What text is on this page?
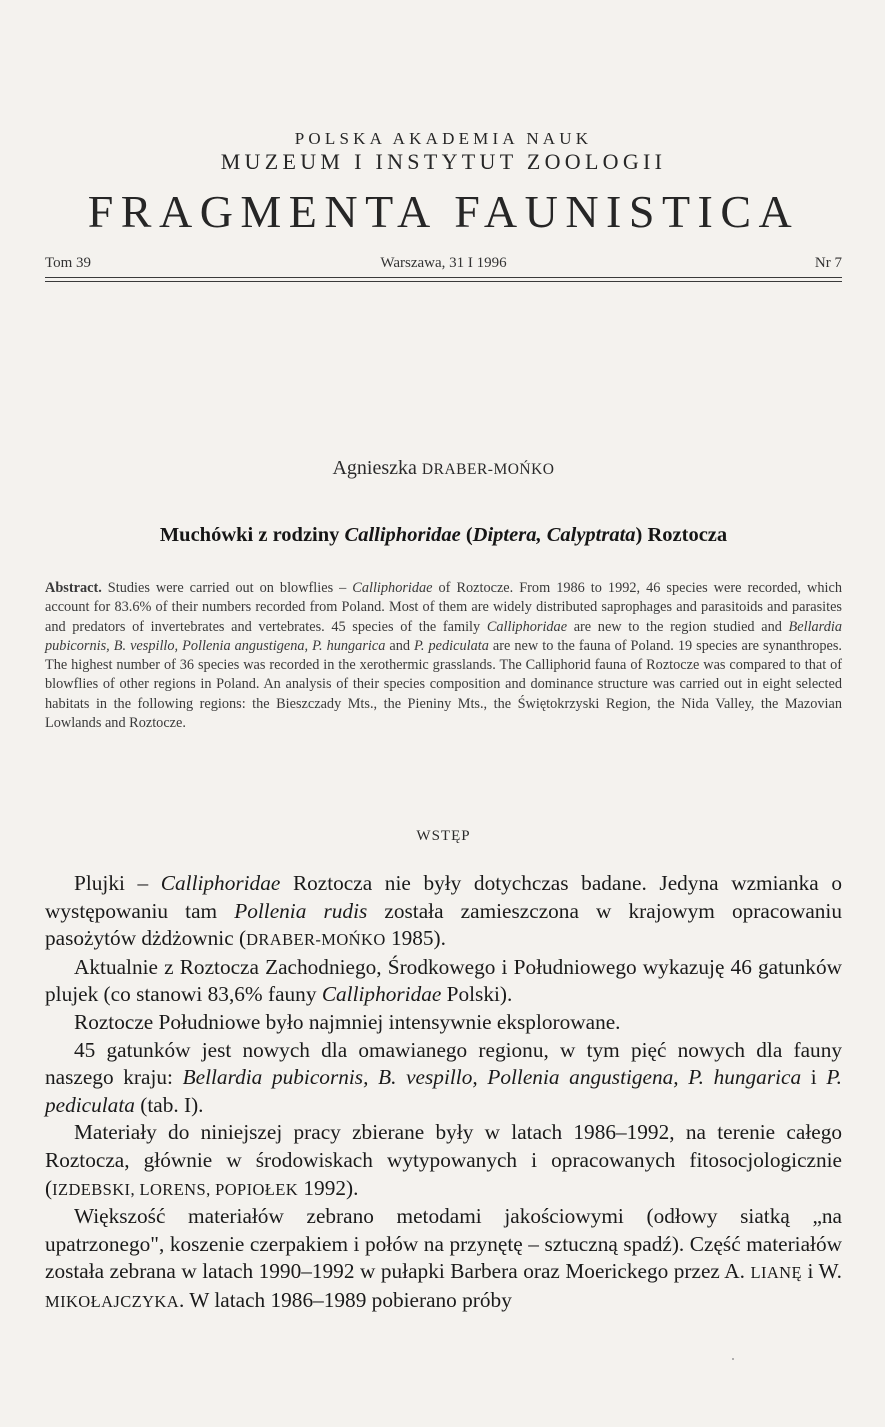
POLSKA AKADEMIA NAUK
MUZEUM I INSTYTUT ZOOLOGII
FRAGMENTA FAUNISTICA
Tom 39	Warszawa, 31 I 1996	Nr 7
Agnieszka DRABER-MOŃKO
Muchówki z rodziny Calliphoridae (Diptera, Calyptrata) Roztocza
Abstract. Studies were carried out on blowflies – Calliphoridae of Roztocze. From 1986 to 1992, 46 species were recorded, which account for 83.6% of their numbers recorded from Poland. Most of them are widely distributed saprophages and parasitoids and parasites and predators of invertebrates and vertebrates. 45 species of the family Calliphoridae are new to the region studied and Bellardia pubicornis, B. vespillo, Pollenia angustigena, P. hungarica and P. pediculata are new to the fauna of Poland. 19 species are synanthropes. The highest number of 36 species was recorded in the xerothermic grasslands. The Calliphorid fauna of Roztocze was compared to that of blowflies of other regions in Poland. An analysis of their species composition and dominance structure was carried out in eight selected habitats in the following regions: the Bieszczady Mts., the Pieniny Mts., the Świętokrzyski Region, the Nida Valley, the Mazovian Lowlands and Roztocze.
WSTĘP

Plujki – Calliphoridae Roztocza nie były dotychczas badane. Jedyna wzmianka o występowaniu tam Pollenia rudis została zamieszczona w krajowym opracowaniu pasożytów dżdżownic (DRABER-MOŃKO 1985).

Aktualnie z Roztocza Zachodniego, Środkowego i Południowego wykazuję 46 gatunków plujek (co stanowi 83,6% fauny Calliphoridae Polski).

Roztocze Południowe było najmniej intensywnie eksplorowane.

45 gatunków jest nowych dla omawianego regionu, w tym pięć nowych dla fauny naszego kraju: Bellardia pubicornis, B. vespillo, Pollenia angustigena, P. hungarica i P. pediculata (tab. I).

Materiały do niniejszej pracy zbierane były w latach 1986–1992, na terenie całego Roztocza, głównie w środowiskach wytypowanych i opracowanych fitosocjologicznie (IZDEBSKI, LORENS, POPIOŁEK 1992).

Większość materiałów zebrano metodami jakościowymi (odłowy siatką „na upatrzonego", koszenie czerpakiem i połów na przynętę – sztuczną spadź). Część materiałów została zebrana w latach 1990–1992 w pułapki Barbera oraz Moerickego przez A. LIANĘ i W. MIKOŁAJCZYKA. W latach 1986–1989 pobierano próby
